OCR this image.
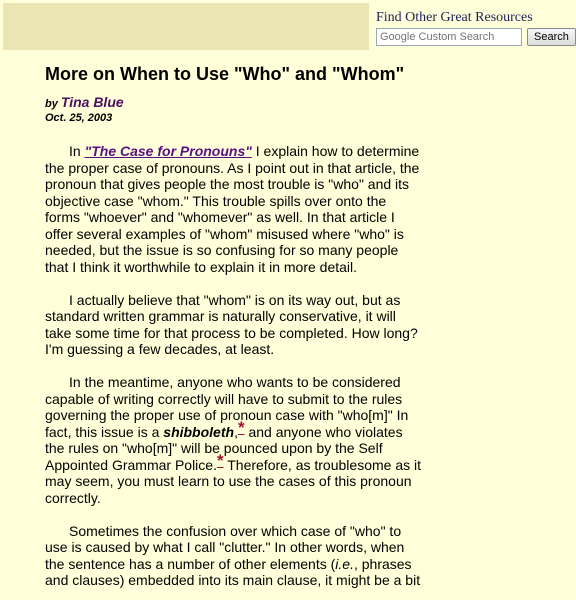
Find Other Great Resources
Google Custom Search
Search
More on When to Use "Who" and "Whom"
by Tina Blue
Oct. 25, 2003

In "The Case for Pronouns" I explain how to determine the proper case of pronouns. As I point out in that article, the pronoun that gives people the most trouble is "who" and its objective case "whom." This trouble spills over onto the forms "whoever" and "whomever" as well. In that article I offer several examples of "whom" misused where "who" is needed, but the issue is so confusing for so many people that I think it worthwhile to explain it in more detail.

I actually believe that "whom" is on its way out, but as standard written grammar is naturally conservative, it will take some time for that process to be completed. How long? I'm guessing a few decades, at least.

In the meantime, anyone who wants to be considered capable of writing correctly will have to submit to the rules governing the proper use of pronoun case with "who[m]" In fact, this issue is a shibboleth,* and anyone who violates the rules on "who[m]" will be pounced upon by the Self Appointed Grammar Police.* Therefore, as troublesome as it may seem, you must learn to use the cases of this pronoun correctly.

Sometimes the confusion over which case of "who" to use is caused by what I call "clutter." In other words, when the sentence has a number of other elements (i.e., phrases and clauses) embedded into its main clause, it might be a bit
